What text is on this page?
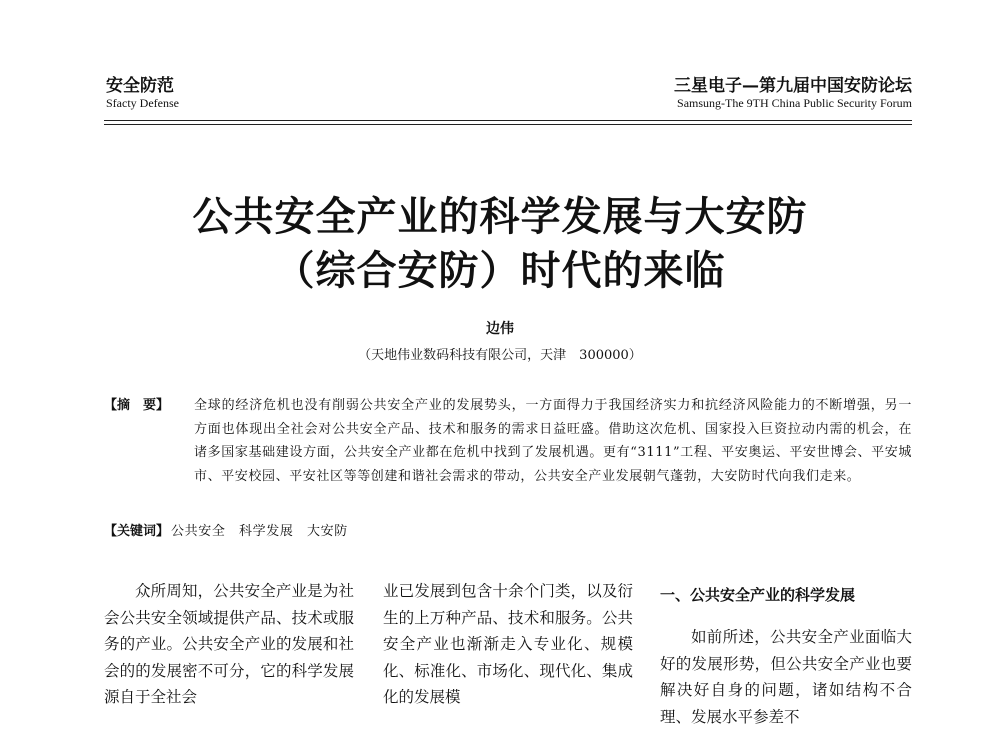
安全防范
Sfacty Defense
三星电子—第九届中国安防论坛
Samsung-The 9TH China Public Security Forum
公共安全产业的科学发展与大安防
（综合安防）时代的来临
边伟
（天地伟业数码科技有限公司，天津　300000）
【摘　要】 全球的经济危机也没有削弱公共安全产业的发展势头，一方面得力于我国经济实力和抗经济风险能力的不断增强，另一方面也体现出全社会对公共安全产品、技术和服务的需求日益旺盛。借助这次危机、国家投入巨资拉动内需的机会，在诸多国家基础建设方面，公共安全产业都在危机中找到了发展机遇。更有“3111”工程、平安奥运、平安世博会、平安城市、平安校园、平安社区等等创建和谐社会需求的带动，公共安全产业发展朝气蓬勃，大安防时代向我们走来。
【关键词】 公共安全　科学发展　大安防

众所周知，公共安全产业是为社会公共安全领域提供产品、技术或服务的产业。公共安全产业的发展和社会的的发展密不可分，它的科学发展源自于全社会

业已发展到包含十余个门类，以及衍生的上万种产品、技术和服务。公共安全产业也渐渐走入专业化、规模化、标准化、市场化、现代化、集成化的发展模

一、公共安全产业的科学发展

如前所述，公共安全产业面临大好的发展形势，但公共安全产业也要解决好自身的问题，诸如结构不合理、发展水平参差不
